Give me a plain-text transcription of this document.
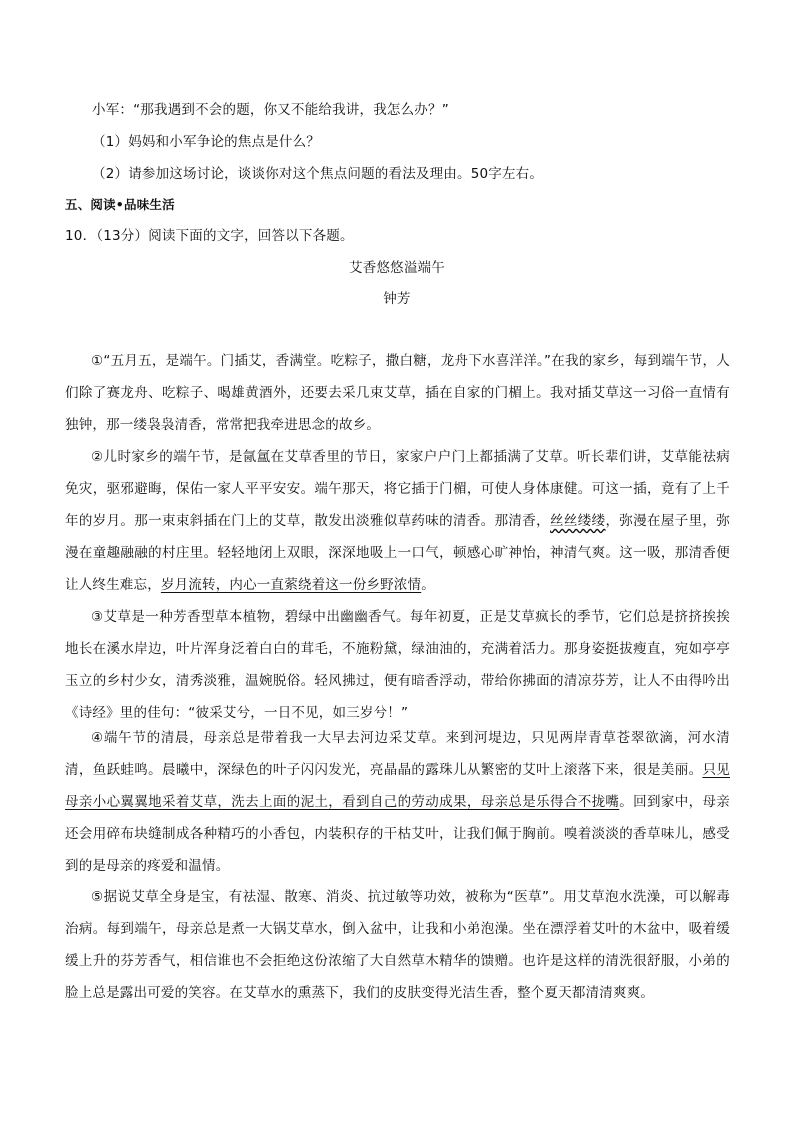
小军：“那我遇到不会的题，你又不能给我讲，我怎么办？”
（1）妈妈和小军争论的焦点是什么？
（2）请参加这场讨论，谈谈你对这个焦点问题的看法及理由。50字左右。
五、阅读•品味生活
10．（13分）阅读下面的文字，回答以下各题。
艾香悠悠溢端午
钟芳
①“五月五，是端午。门插艾，香满堂。吃粽子，撒白糖，龙舟下水喜洋洋。”在我的家乡，每到端午节，人们除了赛龙舟、吃粽子、喝雄黄酒外，还要去采几束艾草，插在自家的门楣上。我对插艾草这一习俗一直情有独钟，那一缕袅袅清香，常常把我牵进思念的故乡。
②儿时家乡的端午节，是氤氲在艾草香里的节日，家家户户门上都插满了艾草。听长辈们讲，艾草能祛病免灾，驱邪避晦，保佑一家人平平安安。端午那天，将它插于门楣，可使人身体康健。可这一插，竟有了上千年的岁月。那一束束斜插在门上的艾草，散发出淡雅似草药味的清香。那清香，丝丝缕缕，弥漫在屋子里，弥漫在童趣融融的村庄里。轻轻地闭上双眼，深深地吸上一口气，顿感心旷神怡，神清气爽。这一吸，那清香便让人终生难忘，岁月流转，内心一直萦绕着这一份乡野浓情。
③艾草是一种芳香型草本植物，碧绿中出幽幽香气。每年初夏，正是艾草疯长的季节，它们总是挤挤挨挨地长在溪水岸边，叶片浑身泛着白白的茸毛，不施粉黛，绿油油的，充满着活力。那身姿挺拔瘦直，宛如亭亭玉立的乡村少女，清秀淡雅，温婉脱俗。轻风拂过，便有暗香浮动，带给你拂面的清凉芬芳，让人不由得吟出《诗经》里的佳句：“彼采艾兮，一日不见，如三岁兮！”
④端午节的清晨，母亲总是带着我一大早去河边采艾草。来到河堤边，只见两岸青草苍翠欲滴，河水清清，鱼跃蛙鸣。晨曦中，深绿色的叶子闪闪发光，亮晶晶的露珠儿从繁密的艾叶上滚落下来，很是美丽。只见母亲小心翼翼地采着艾草，洗去上面的泥土，看到自己的劳动成果，母亲总是乐得合不拢嘴。回到家中，母亲还会用碎布块缝制成各种精巧的小香包，内装积存的干枯艾叶，让我们佩于胸前。嗅着淡淡的香草味儿，感受到的是母亲的疼爱和温情。
⑤据说艾草全身是宝，有祛湿、散寒、消炎、抗过敏等功效，被称为“医草”。用艾草泡水洗澡，可以解毒治病。每到端午，母亲总是煮一大锅艾草水，倒入盆中，让我和小弟泡澡。坐在漂浮着艾叶的木盆中，吸着缓缓上升的芬芳香气，相信谁也不会拒绝这份浓缩了大自然草木精华的馈赠。也许是这样的清洗很舒服，小弟的脸上总是露出可爱的笑容。在艾草水的熏蒸下，我们的皮肤变得光洁生香，整个夏天都清清爽爽。
